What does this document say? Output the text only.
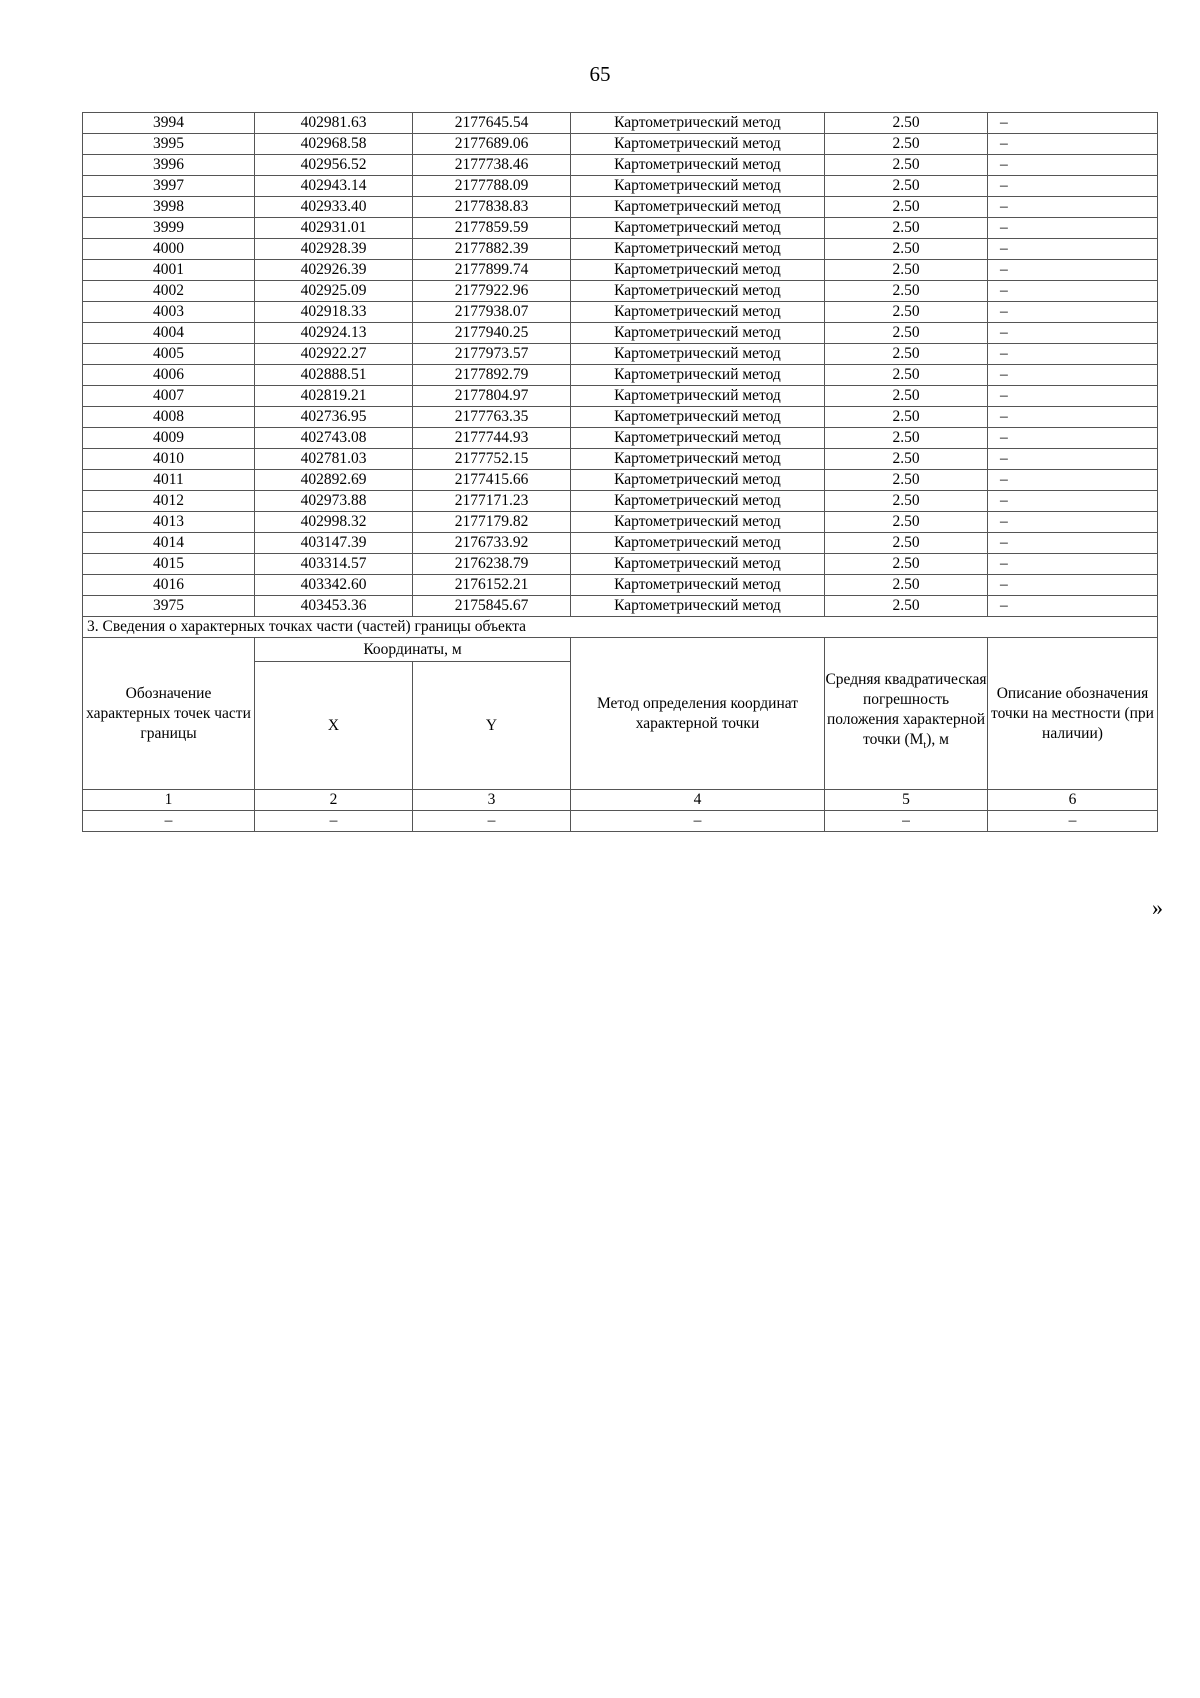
65
3994	402981.63	2177645.54	Картометрический метод	2.50	–
3995	402968.58	2177689.06	Картометрический метод	2.50	–
3996	402956.52	2177738.46	Картометрический метод	2.50	–
3997	402943.14	2177788.09	Картометрический метод	2.50	–
3998	402933.40	2177838.83	Картометрический метод	2.50	–
3999	402931.01	2177859.59	Картометрический метод	2.50	–
4000	402928.39	2177882.39	Картометрический метод	2.50	–
4001	402926.39	2177899.74	Картометрический метод	2.50	–
4002	402925.09	2177922.96	Картометрический метод	2.50	–
4003	402918.33	2177938.07	Картометрический метод	2.50	–
4004	402924.13	2177940.25	Картометрический метод	2.50	–
4005	402922.27	2177973.57	Картометрический метод	2.50	–
4006	402888.51	2177892.79	Картометрический метод	2.50	–
4007	402819.21	2177804.97	Картометрический метод	2.50	–
4008	402736.95	2177763.35	Картометрический метод	2.50	–
4009	402743.08	2177744.93	Картометрический метод	2.50	–
4010	402781.03	2177752.15	Картометрический метод	2.50	–
4011	402892.69	2177415.66	Картометрический метод	2.50	–
4012	402973.88	2177171.23	Картометрический метод	2.50	–
4013	402998.32	2177179.82	Картометрический метод	2.50	–
4014	403147.39	2176733.92	Картометрический метод	2.50	–
4015	403314.57	2176238.79	Картометрический метод	2.50	–
4016	403342.60	2176152.21	Картометрический метод	2.50	–
3975	403453.36	2175845.67	Картометрический метод	2.50	–
3. Сведения о характерных точках части (частей) границы объекта					
Обозначение характерных точек части границы	Координаты, м		Метод определения координат характерной точки	Средняя квадратическая погрешность положения характерной точки $(М_t)$, м	Описание обозначения точки на местности (при наличии)
	X	Y			
1	2	3	4	5	6
–	–	–	–	–	–
»
